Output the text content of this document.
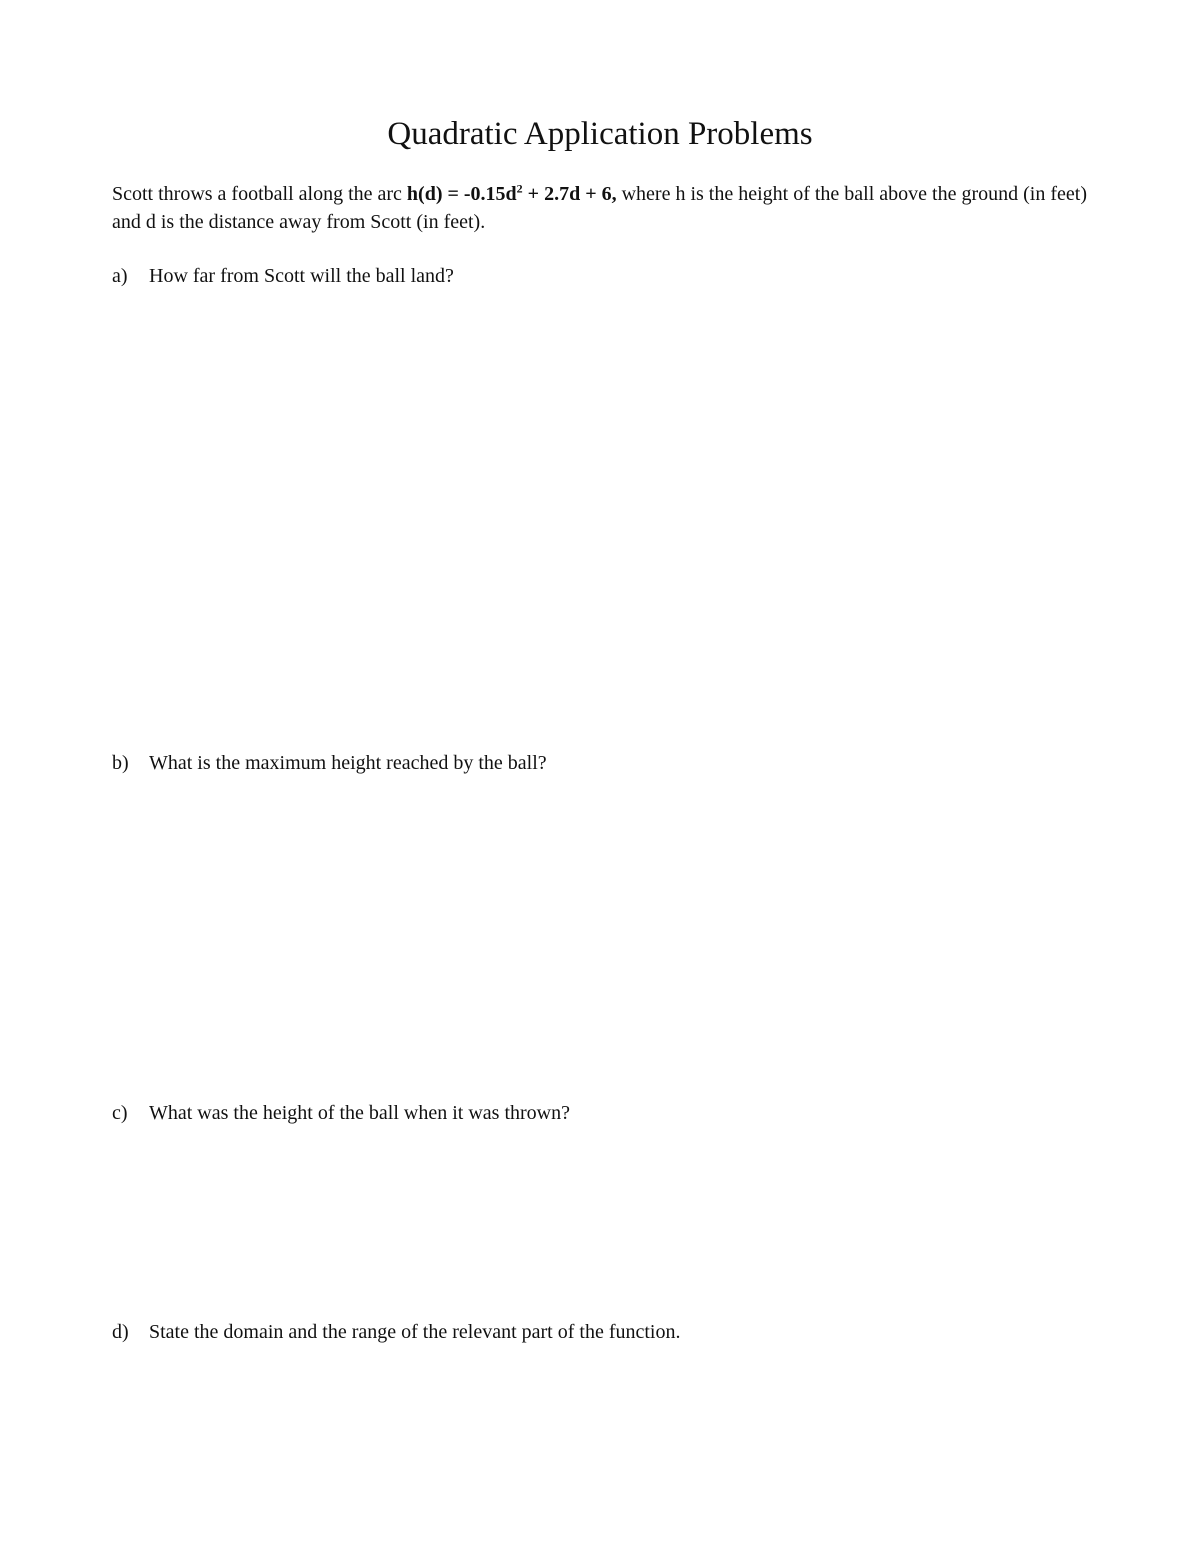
Quadratic Application Problems

Scott throws a football along the arc $h(d) = -0.15d^2 + 2.7d + 6$, where h is the height of the ball above the ground (in feet) and d is the distance away from Scott (in feet).

a)	How far from Scott will the ball land?

b)	What is the maximum height reached by the ball?

c)	What was the height of the ball when it was thrown?

d)	State the domain and the range of the relevant part of the function.
